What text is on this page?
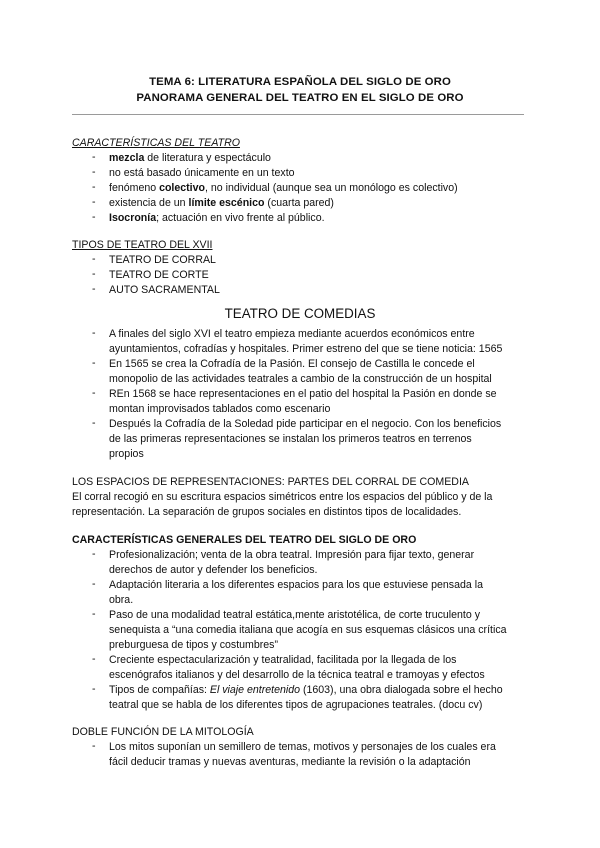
TEMA 6: LITERATURA ESPAÑOLA DEL SIGLO DE ORO
PANORAMA GENERAL DEL TEATRO EN EL SIGLO DE ORO
CARACTERÍSTICAS DEL TEATRO
- mezcla de literatura y espectáculo
- no está basado únicamente en un texto
- fenómeno colectivo, no individual (aunque sea un monólogo es colectivo)
- existencia de un límite escénico (cuarta pared)
- Isocronía; actuación en vivo frente al público.
TIPOS DE TEATRO DEL XVII
- TEATRO DE CORRAL
- TEATRO DE CORTE
- AUTO SACRAMENTAL
TEATRO DE COMEDIAS
- A finales del siglo XVI el teatro empieza mediante acuerdos económicos entre
ayuntamientos, cofradías y hospitales. Primer estreno del que se tiene noticia: 1565
- En 1565 se crea la Cofradía de la Pasión. El consejo de Castilla le concede el
monopolio de las actividades teatrales a cambio de la construcción de un hospital
- REn 1568 se hace representaciones en el patio del hospital la Pasión en donde se
montan improvisados tablados como escenario
- Después la Cofradía de la Soledad pide participar en el negocio. Con los beneficios
de las primeras representaciones se instalan los primeros teatros en terrenos
propios
LOS ESPACIOS DE REPRESENTACIONES: PARTES DEL CORRAL DE COMEDIA
El corral recogió en su escritura espacios simétricos entre los espacios del público y de la
representación. La separación de grupos sociales en distintos tipos de localidades.
CARACTERÍSTICAS GENERALES DEL TEATRO DEL SIGLO DE ORO
- Profesionalización; venta de la obra teatral. Impresión para fijar texto, generar
derechos de autor y defender los beneficios.
- Adaptación literaria a los diferentes espacios para los que estuviese pensada la
obra.
- Paso de una modalidad teatral estática,mente aristotélica, de corte truculento y
senequista a “una comedia italiana que acogía en sus esquemas clásicos una crítica
preburguesa de tipos y costumbres”
- Creciente espectacularización y teatralidad, facilitada por la llegada de los
escenógrafos italianos y del desarrollo de la técnica teatral e tramoyas y efectos
- Tipos de compañías: El viaje entretenido (1603), una obra dialogada sobre el hecho
teatral que se habla de los diferentes tipos de agrupaciones teatrales. (docu cv)
DOBLE FUNCIÓN DE LA MITOLOGÍA
- Los mitos suponían un semillero de temas, motivos y personajes de los cuales era
fácil deducir tramas y nuevas aventuras, mediante la revisión o la adaptación
